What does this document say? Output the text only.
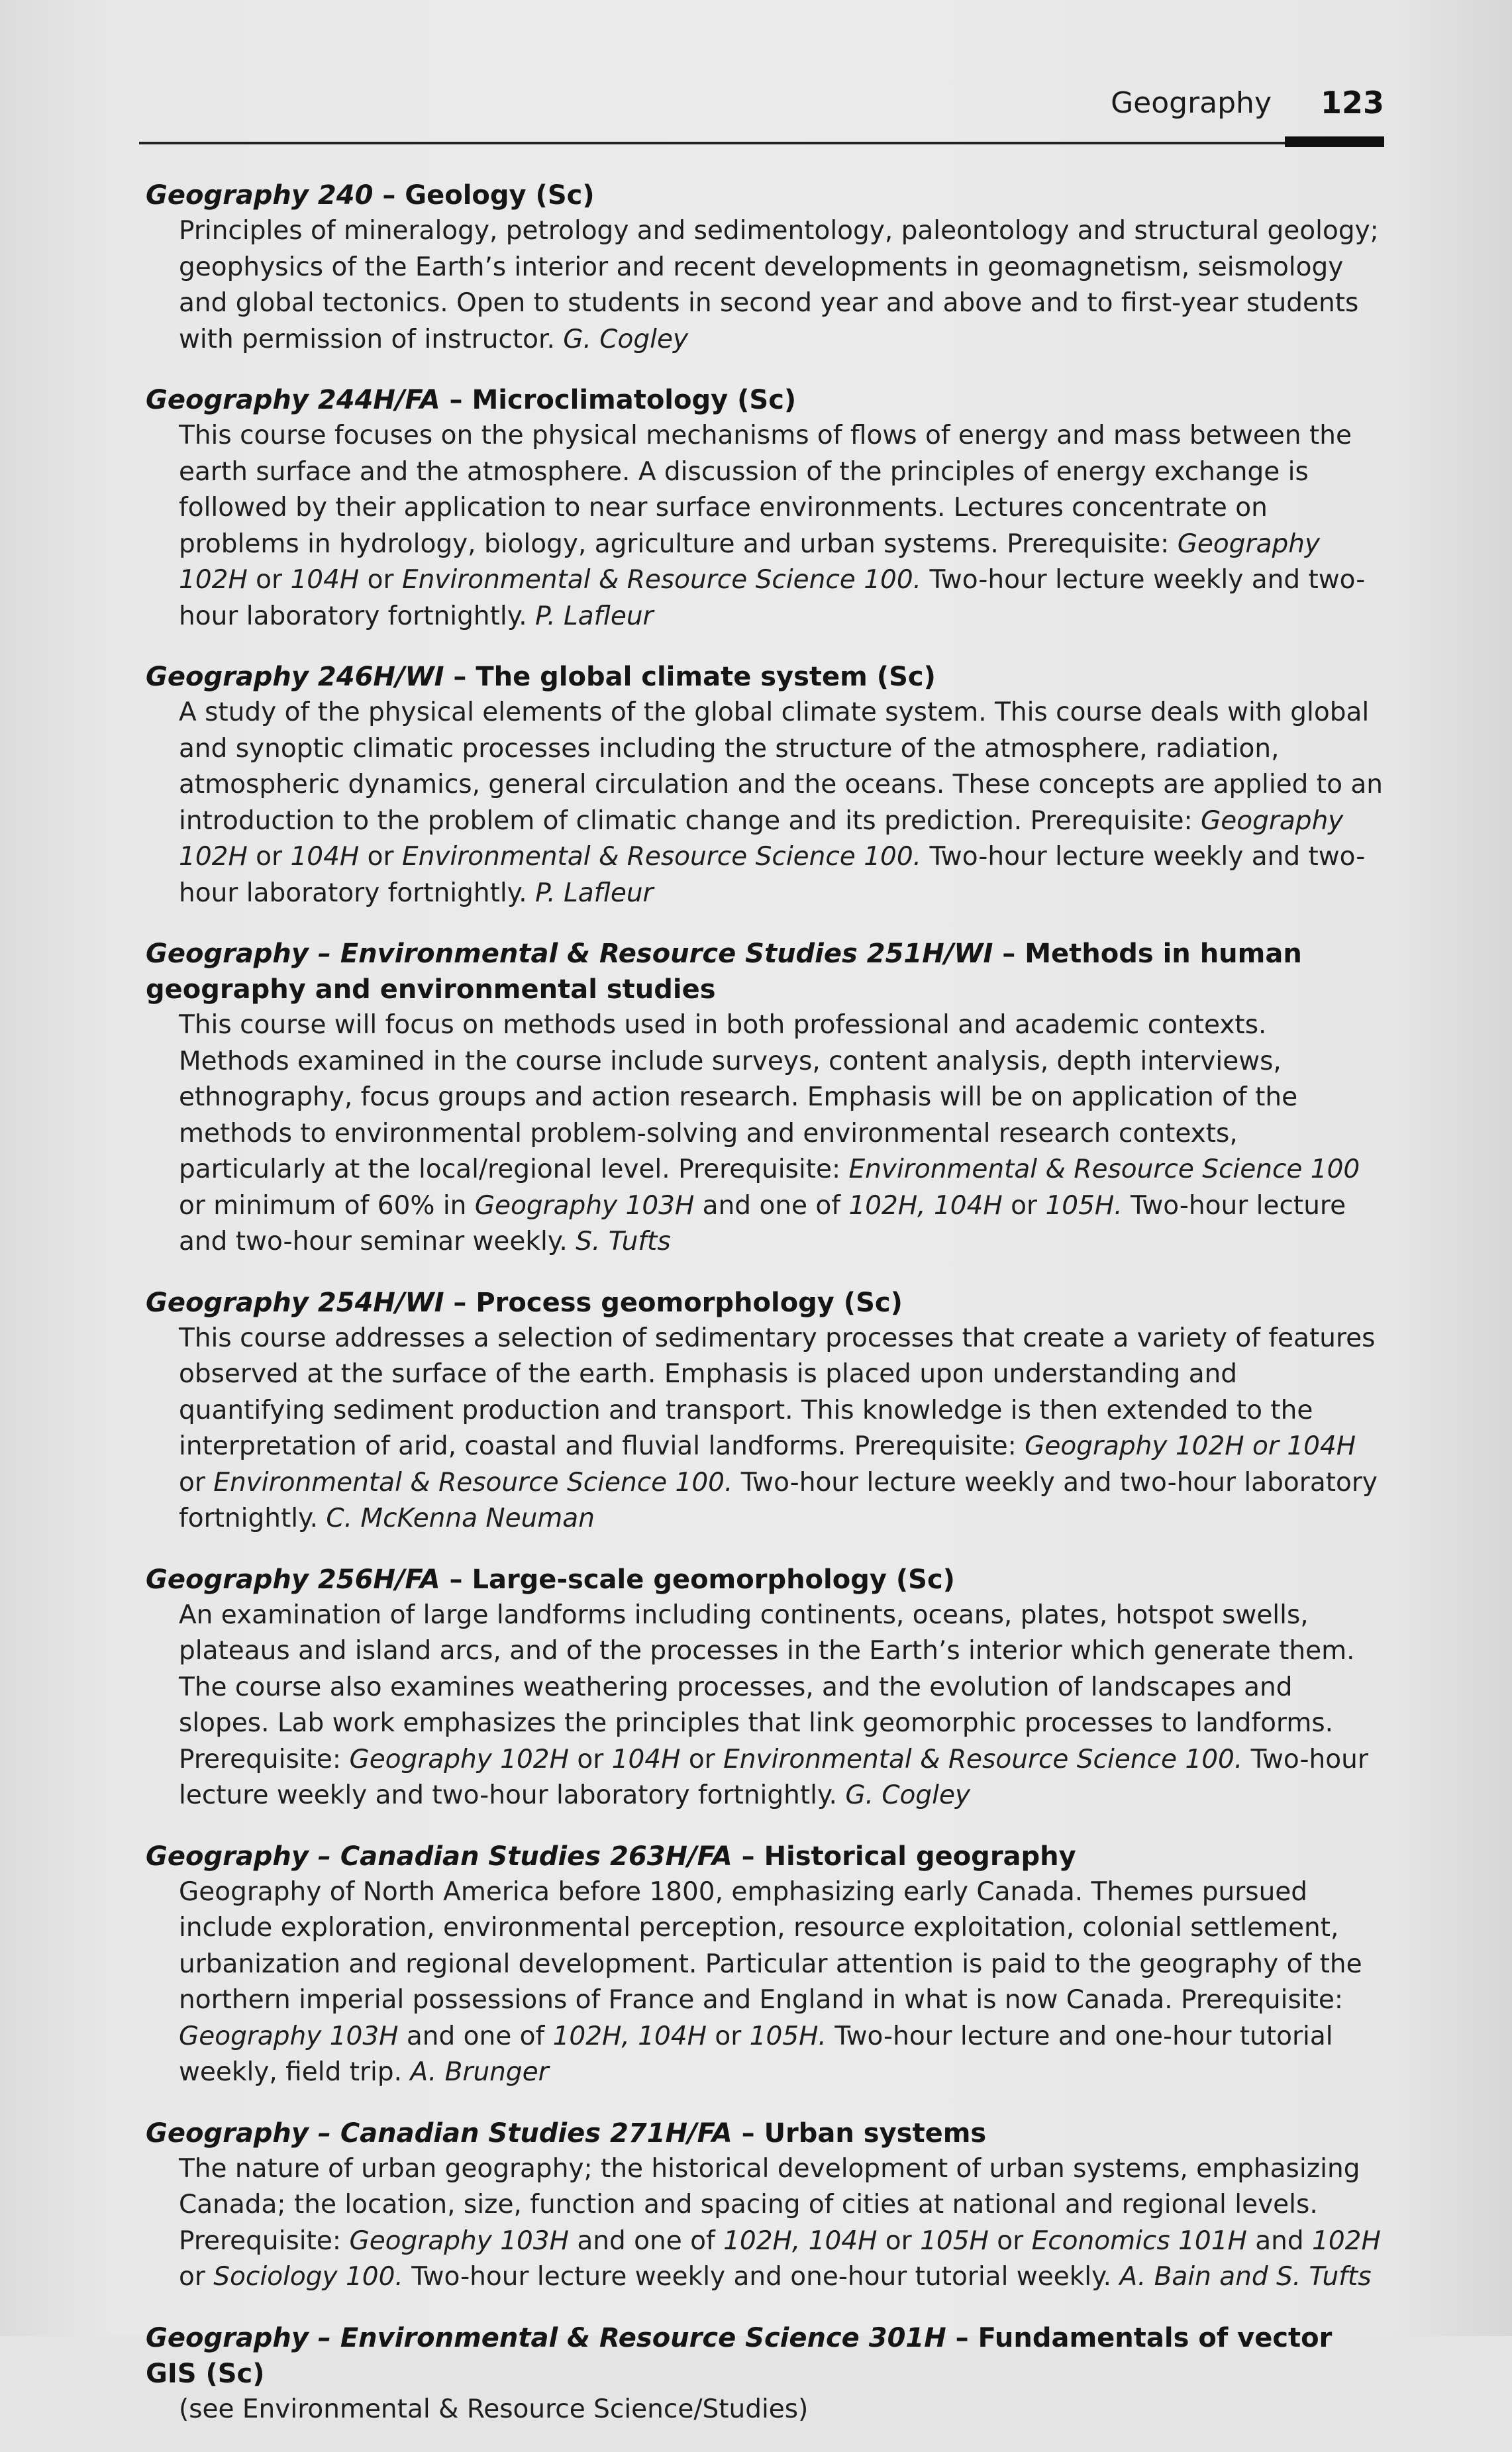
Geography 123
Geography 240 – Geology (Sc)
Principles of mineralogy, petrology and sedimentology, paleontology and structural geology; geophysics of the Earth’s interior and recent developments in geomagnetism, seismology and global tectonics. Open to students in second year and above and to first-year students with permission of instructor. G. Cogley
Geography 244H/FA – Microclimatology (Sc)
This course focuses on the physical mechanisms of flows of energy and mass between the earth surface and the atmosphere. A discussion of the principles of energy exchange is followed by their application to near surface environments. Lectures concentrate on problems in hydrology, biology, agriculture and urban systems. Prerequisite: Geography 102H or 104H or Environmental & Resource Science 100. Two-hour lecture weekly and two-hour laboratory fortnightly. P. Lafleur
Geography 246H/WI – The global climate system (Sc)
A study of the physical elements of the global climate system. This course deals with global and synoptic climatic processes including the structure of the atmosphere, radiation, atmospheric dynamics, general circulation and the oceans. These concepts are applied to an introduction to the problem of climatic change and its prediction. Prerequisite: Geography 102H or 104H or Environmental & Resource Science 100. Two-hour lecture weekly and two-hour laboratory fortnightly. P. Lafleur
Geography – Environmental & Resource Studies 251H/WI – Methods in human geography and environmental studies
This course will focus on methods used in both professional and academic contexts. Methods examined in the course include surveys, content analysis, depth interviews, ethnography, focus groups and action research. Emphasis will be on application of the methods to environmental problem-solving and environmental research contexts, particularly at the local/regional level. Prerequisite: Environmental & Resource Science 100 or minimum of 60% in Geography 103H and one of 102H, 104H or 105H. Two-hour lecture and two-hour seminar weekly. S. Tufts
Geography 254H/WI – Process geomorphology (Sc)
This course addresses a selection of sedimentary processes that create a variety of features observed at the surface of the earth. Emphasis is placed upon understanding and quantifying sediment production and transport. This knowledge is then extended to the interpretation of arid, coastal and fluvial landforms. Prerequisite: Geography 102H or 104H or Environmental & Resource Science 100. Two-hour lecture weekly and two-hour laboratory fortnightly. C. McKenna Neuman
Geography 256H/FA – Large-scale geomorphology (Sc)
An examination of large landforms including continents, oceans, plates, hotspot swells, plateaus and island arcs, and of the processes in the Earth’s interior which generate them. The course also examines weathering processes, and the evolution of landscapes and slopes. Lab work emphasizes the principles that link geomorphic processes to landforms. Prerequisite: Geography 102H or 104H or Environmental & Resource Science 100. Two-hour lecture weekly and two-hour laboratory fortnightly. G. Cogley
Geography – Canadian Studies 263H/FA – Historical geography
Geography of North America before 1800, emphasizing early Canada. Themes pursued include exploration, environmental perception, resource exploitation, colonial settlement, urbanization and regional development. Particular attention is paid to the geography of the northern imperial possessions of France and England in what is now Canada. Prerequisite: Geography 103H and one of 102H, 104H or 105H. Two-hour lecture and one-hour tutorial weekly, field trip. A. Brunger
Geography – Canadian Studies 271H/FA – Urban systems
The nature of urban geography; the historical development of urban systems, emphasizing Canada; the location, size, function and spacing of cities at national and regional levels. Prerequisite: Geography 103H and one of 102H, 104H or 105H or Economics 101H and 102H or Sociology 100. Two-hour lecture weekly and one-hour tutorial weekly. A. Bain and S. Tufts
Geography – Environmental & Resource Science 301H – Fundamentals of vector GIS (Sc)
(see Environmental & Resource Science/Studies)
